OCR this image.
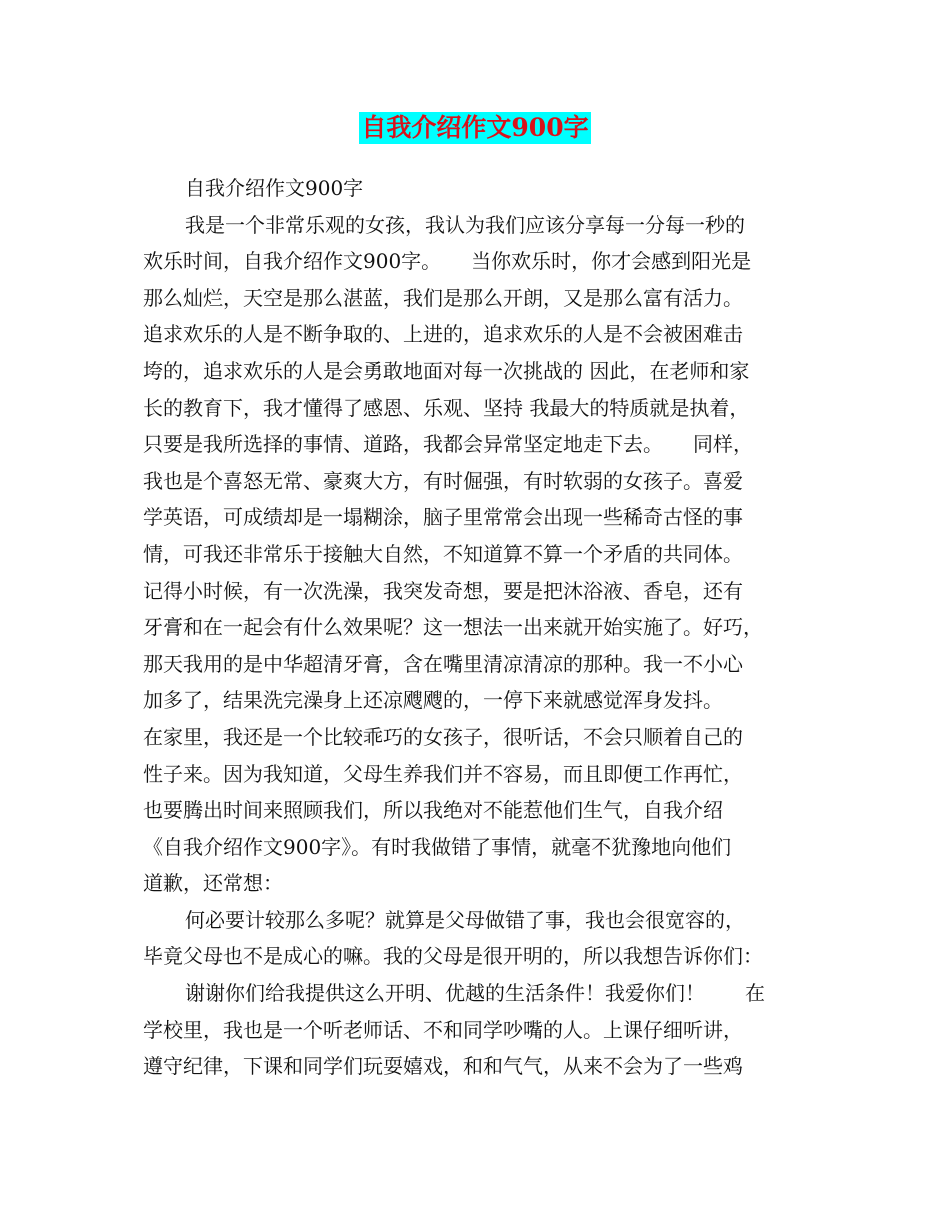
自我介绍作文900字
自我介绍作文900字
我是一个非常乐观的女孩，我认为我们应该分享每一分每一秒的
欢乐时间，自我介绍作文900字。　　当你欢乐时，你才会感到阳光是
那么灿烂，天空是那么湛蓝，我们是那么开朗，又是那么富有活力。
追求欢乐的人是不断争取的、上进的，追求欢乐的人是不会被困难击
垮的，追求欢乐的人是会勇敢地面对每一次挑战的 因此，在老师和家
长的教育下，我才懂得了感恩、乐观、坚持 我最大的特质就是执着，
只要是我所选择的事情、道路，我都会异常坚定地走下去。　　同样，
我也是个喜怒无常、豪爽大方，有时倔强，有时软弱的女孩子。喜爱
学英语，可成绩却是一塌糊涂，脑子里常常会出现一些稀奇古怪的事
情，可我还非常乐于接触大自然，不知道算不算一个矛盾的共同体。
记得小时候，有一次洗澡，我突发奇想，要是把沐浴液、香皂，还有
牙膏和在一起会有什么效果呢？这一想法一出来就开始实施了。好巧，
那天我用的是中华超清牙膏，含在嘴里清凉清凉的那种。我一不小心
加多了，结果洗完澡身上还凉飕飕的，一停下来就感觉浑身发抖。
在家里，我还是一个比较乖巧的女孩子，很听话，不会只顺着自己的
性子来。因为我知道，父母生养我们并不容易，而且即便工作再忙，
也要腾出时间来照顾我们，所以我绝对不能惹他们生气，自我介绍
《自我介绍作文900字》。有时我做错了事情，就毫不犹豫地向他们
道歉，还常想：
何必要计较那么多呢？就算是父母做错了事，我也会很宽容的，
毕竟父母也不是成心的嘛。我的父母是很开明的，所以我想告诉你们：
谢谢你们给我提供这么开明、优越的生活条件！我爱你们！　　在
学校里，我也是一个听老师话、不和同学吵嘴的人。上课仔细听讲，
遵守纪律，下课和同学们玩耍嬉戏，和和气气，从来不会为了一些鸡
